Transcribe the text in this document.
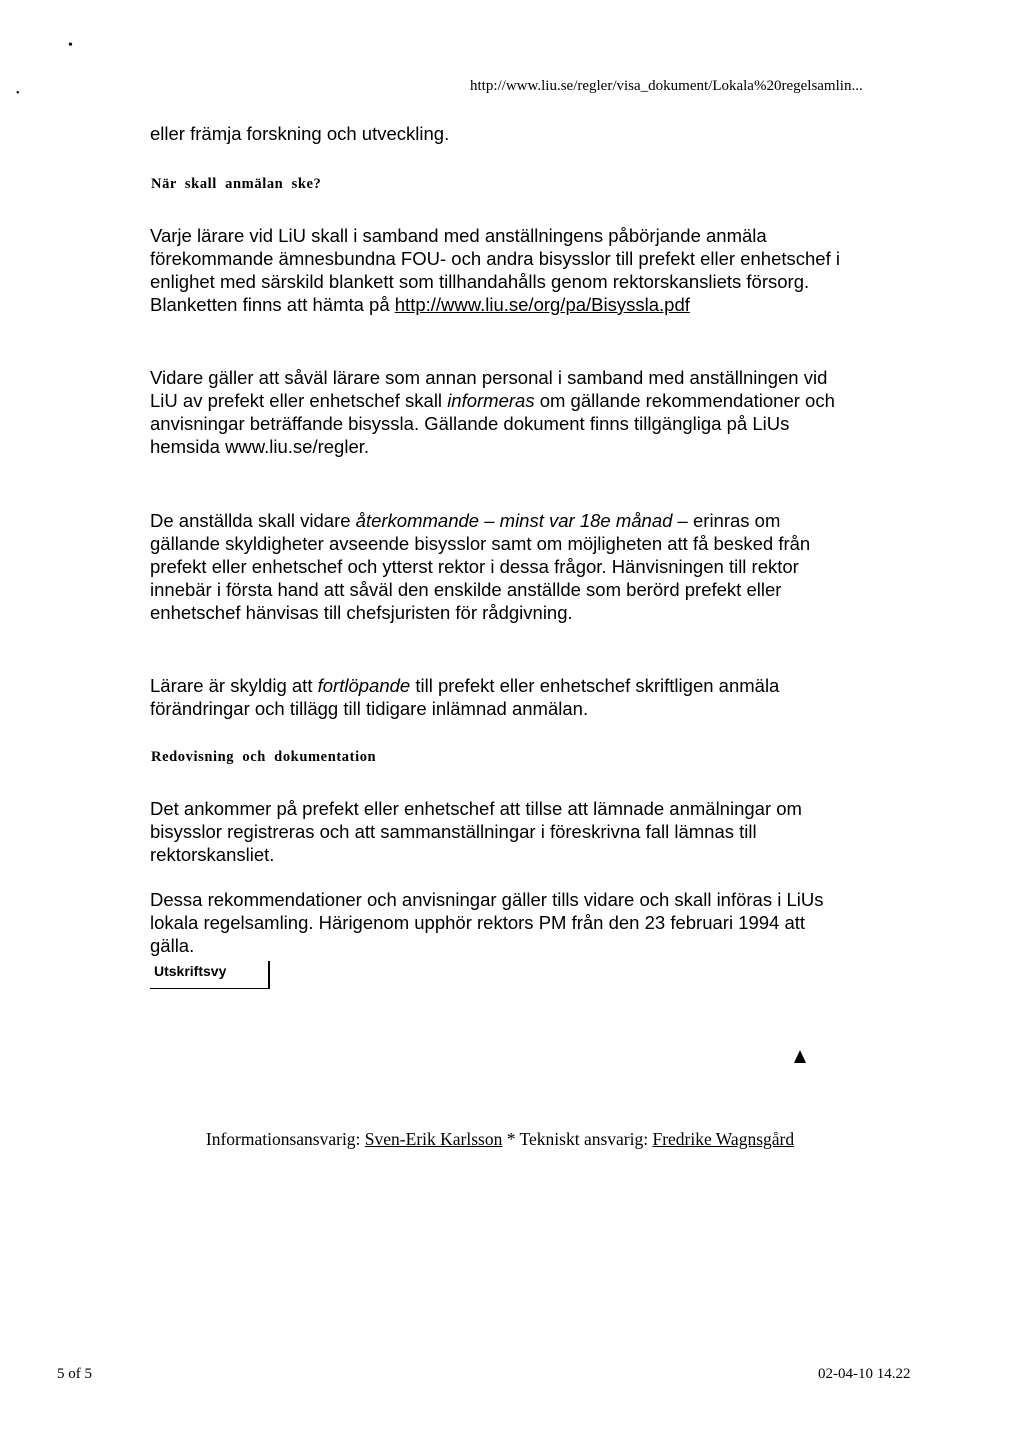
•
•	http://www.liu.se/regler/visa_dokument/Lokala%20regelsamlin...
eller främja forskning och utveckling.
När skall anmälan ske?

Varje lärare vid LiU skall i samband med anställningens påbörjande anmäla förekommande ämnesbundna FOU- och andra bisysslor till prefekt eller enhetschef i enlighet med särskild blankett som tillhandahålls genom rektorskansliets försorg. Blanketten finns att hämta på http://www.liu.se/org/pa/Bisyssla.pdf

Vidare gäller att såväl lärare som annan personal i samband med anställningen vid LiU av prefekt eller enhetschef skall informeras om gällande rekommendationer och anvisningar beträffande bisyssla. Gällande dokument finns tillgängliga på LiUs hemsida www.liu.se/regler.

De anställda skall vidare återkommande – minst var 18e månad – erinras om gällande skyldigheter avseende bisysslor samt om möjligheten att få besked från prefekt eller enhetschef och ytterst rektor i dessa frågor. Hänvisningen till rektor innebär i första hand att såväl den enskilde anställde som berörd prefekt eller enhetschef hänvisas till chefsjuristen för rådgivning.

Lärare är skyldig att fortlöpande till prefekt eller enhetschef skriftligen anmäla förändringar och tillägg till tidigare inlämnad anmälan.

Redovisning och dokumentation
Det ankommer på prefekt eller enhetschef att tillse att lämnade anmälningar om bisysslor registreras och att sammanställningar i föreskrivna fall lämnas till rektorskansliet.
Dessa rekommendationer och anvisningar gäller tills vidare och skall införas i LiUs lokala regelsamling. Härigenom upphör rektors PM från den 23 februari 1994 att gälla.
Utskriftsvy
Informationsansvarig: Sven-Erik Karlsson * Tekniskt ansvarig: Fredrike Wagnsgård
5 of 5	02-04-10 14.22
